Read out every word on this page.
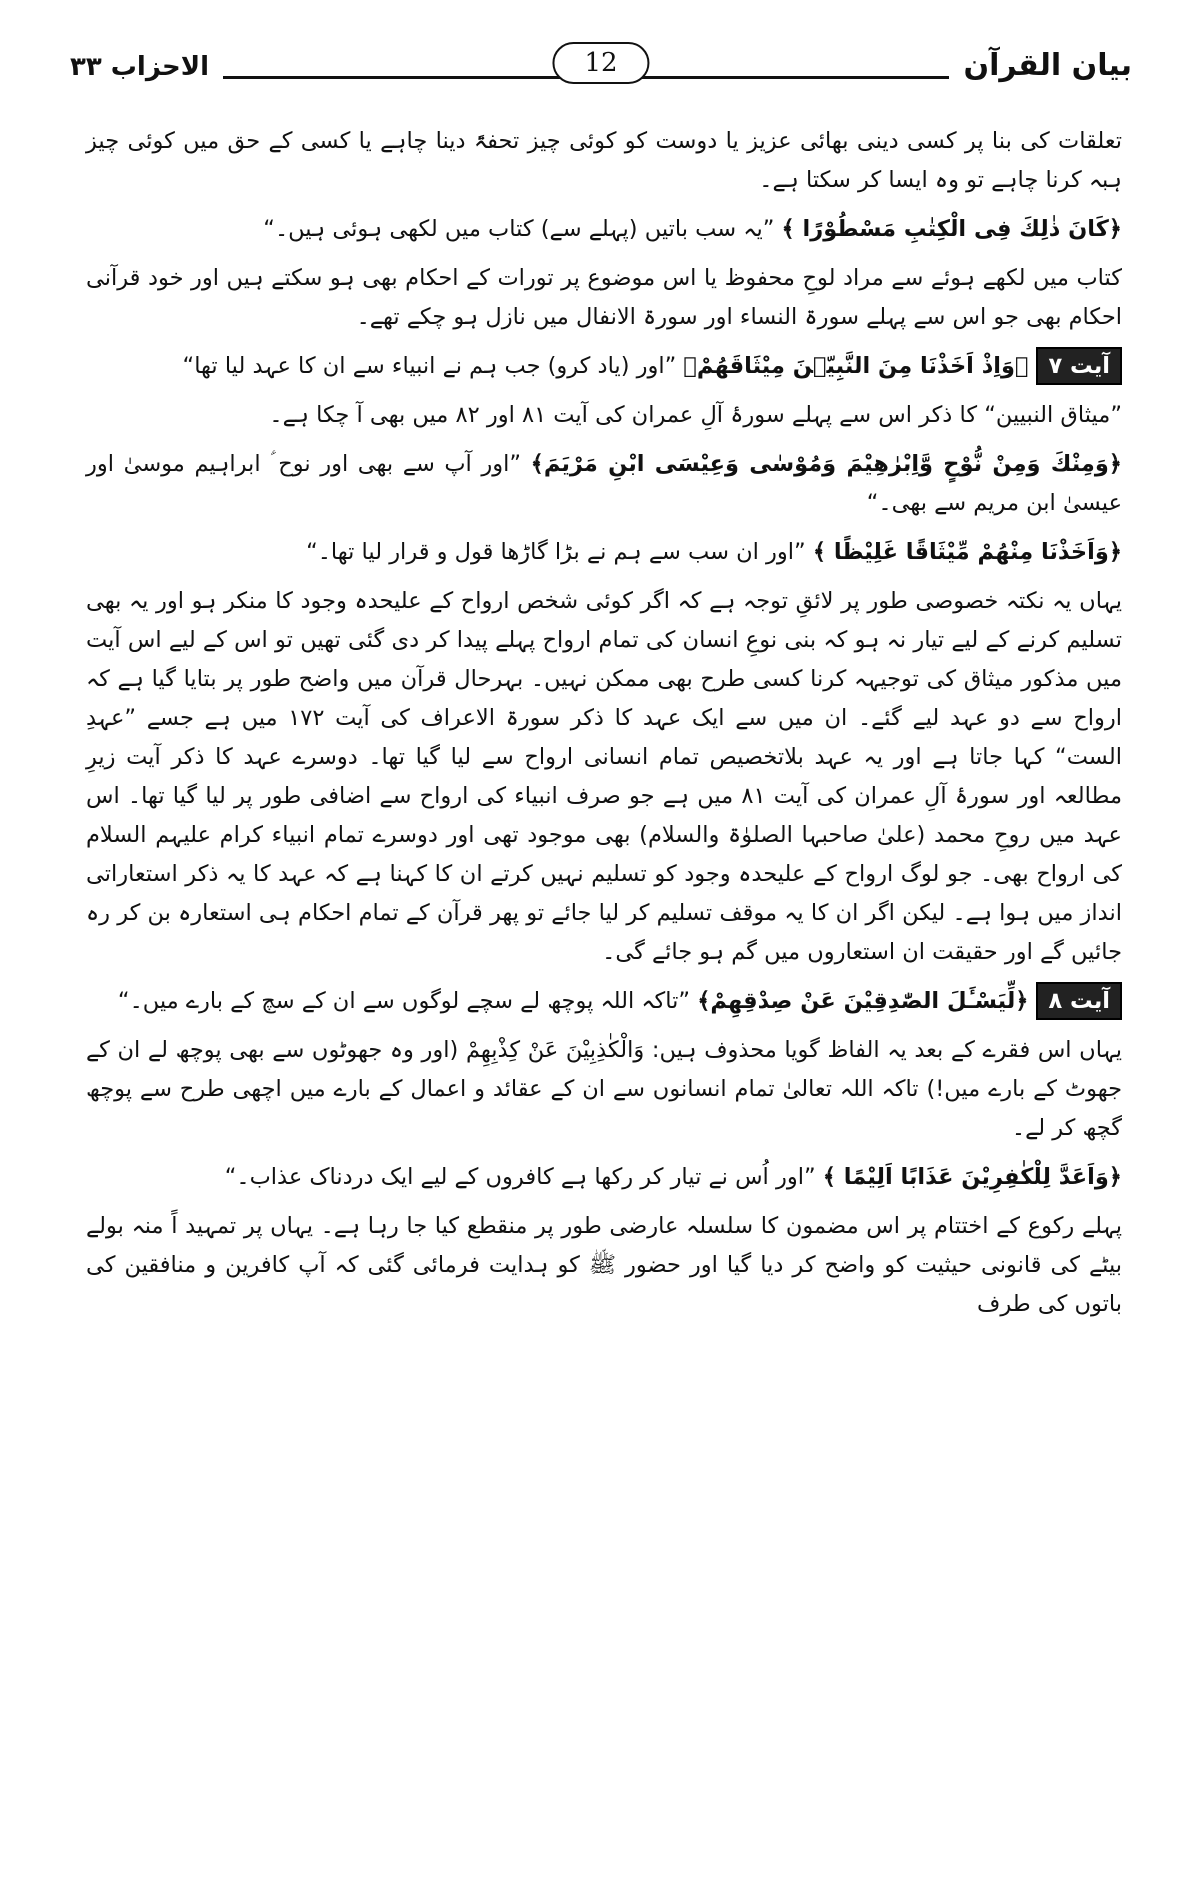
بیان القرآن
12
الاحزاب ۳۳

تعلقات کی بنا پر کسی دینی بھائی عزیز یا دوست کو کوئی چیز تحفۃً دینا چاہے یا کسی کے حق میں کوئی چیز ہبہ کرنا چاہے تو وہ ایسا کر سکتا ہے۔

﴿كَانَ ذٰلِكَ فِى الْكِتٰبِ مَسْطُوْرًا ﴾ ”یہ سب باتیں (پہلے سے) کتاب میں لکھی ہوئی ہیں۔“

کتاب میں لکھے ہوئے سے مراد لوحِ محفوظ یا اس موضوع پر تورات کے احکام بھی ہو سکتے ہیں اور خود قرآنی احکام بھی جو اس سے پہلے سورۃ النساء اور سورۃ الانفال میں نازل ہو چکے تھے۔

آیت ۷﴿وَاِذْ اَخَذْنَا مِنَ النَّبِيّٖنَ مِيْثَاقَهُمْ﴾ ”اور (یاد کرو) جب ہم نے انبیاء سے ان کا عہد لیا تھا“

”میثاق النبیین“ کا ذکر اس سے پہلے سورۂ آلِ عمران کی آیت ۸۱ اور ۸۲ میں بھی آ چکا ہے۔

﴿وَمِنْكَ وَمِنْ نُّوْحٍ وَّاِبْرٰهِيْمَ وَمُوْسٰى وَعِيْسَى ابْنِ مَرْيَمَ﴾ ”اور آپ سے بھی اور نوح ؑ ابراہیم موسیٰ اور عیسیٰ ابن مریم سے بھی۔“

﴿وَاَخَذْنَا مِنْهُمْ مِّيْثَاقًا غَلِيْظًا ﴾ ”اور ان سب سے ہم نے بڑا گاڑھا قول و قرار لیا تھا۔“

یہاں یہ نکتہ خصوصی طور پر لائقِ توجہ ہے کہ اگر کوئی شخص ارواح کے علیحدہ وجود کا منکر ہو اور یہ بھی تسلیم کرنے کے لیے تیار نہ ہو کہ بنی نوعِ انسان کی تمام ارواح پہلے پیدا کر دی گئی تھیں تو اس کے لیے اس آیت میں مذکور میثاق کی توجیہہ کرنا کسی طرح بھی ممکن نہیں۔ بہرحال قرآن میں واضح طور پر بتایا گیا ہے کہ ارواح سے دو عہد لیے گئے۔ ان میں سے ایک عہد کا ذکر سورۃ الاعراف کی آیت ۱۷۲ میں ہے جسے ”عہدِ الست“ کہا جاتا ہے اور یہ عہد بلاتخصیص تمام انسانی ارواح سے لیا گیا تھا۔ دوسرے عہد کا ذکر آیت زیرِ مطالعہ اور سورۂ آلِ عمران کی آیت ۸۱ میں ہے جو صرف انبیاء کی ارواح سے اضافی طور پر لیا گیا تھا۔ اس عہد میں روحِ محمد (علیٰ صاحبہا الصلوٰۃ والسلام) بھی موجود تھی اور دوسرے تمام انبیاء کرام علیہم السلام کی ارواح بھی۔ جو لوگ ارواح کے علیحدہ وجود کو تسلیم نہیں کرتے ان کا کہنا ہے کہ عہد کا یہ ذکر استعاراتی انداز میں ہوا ہے۔ لیکن اگر ان کا یہ موقف تسلیم کر لیا جائے تو پھر قرآن کے تمام احکام ہی استعارہ بن کر رہ جائیں گے اور حقیقت ان استعاروں میں گم ہو جائے گی۔

آیت ۸﴿لِّيَسْـَٔلَ الصّٰدِقِيْنَ عَنْ صِدْقِهِمْ﴾ ”تاکہ اللہ پوچھ لے سچے لوگوں سے ان کے سچ کے بارے میں۔“

یہاں اس فقرے کے بعد یہ الفاظ گویا محذوف ہیں: وَالْكٰذِبِيْنَ عَنْ كِذْبِهِمْ (اور وہ جھوٹوں سے بھی پوچھ لے ان کے جھوٹ کے بارے میں!) تاکہ اللہ تعالیٰ تمام انسانوں سے ان کے عقائد و اعمال کے بارے میں اچھی طرح سے پوچھ گچھ کر لے۔

﴿وَاَعَدَّ لِلْكٰفِرِيْنَ عَذَابًا اَلِيْمًا ﴾ ”اور اُس نے تیار کر رکھا ہے کافروں کے لیے ایک دردناک عذاب۔“

پہلے رکوع کے اختتام پر اس مضمون کا سلسلہ عارضی طور پر منقطع کیا جا رہا ہے۔ یہاں پر تمہید اً منہ بولے بیٹے کی قانونی حیثیت کو واضح کر دیا گیا اور حضور ﷺ کو ہدایت فرمائی گئی کہ آپ کافرین و منافقین کی باتوں کی طرف
